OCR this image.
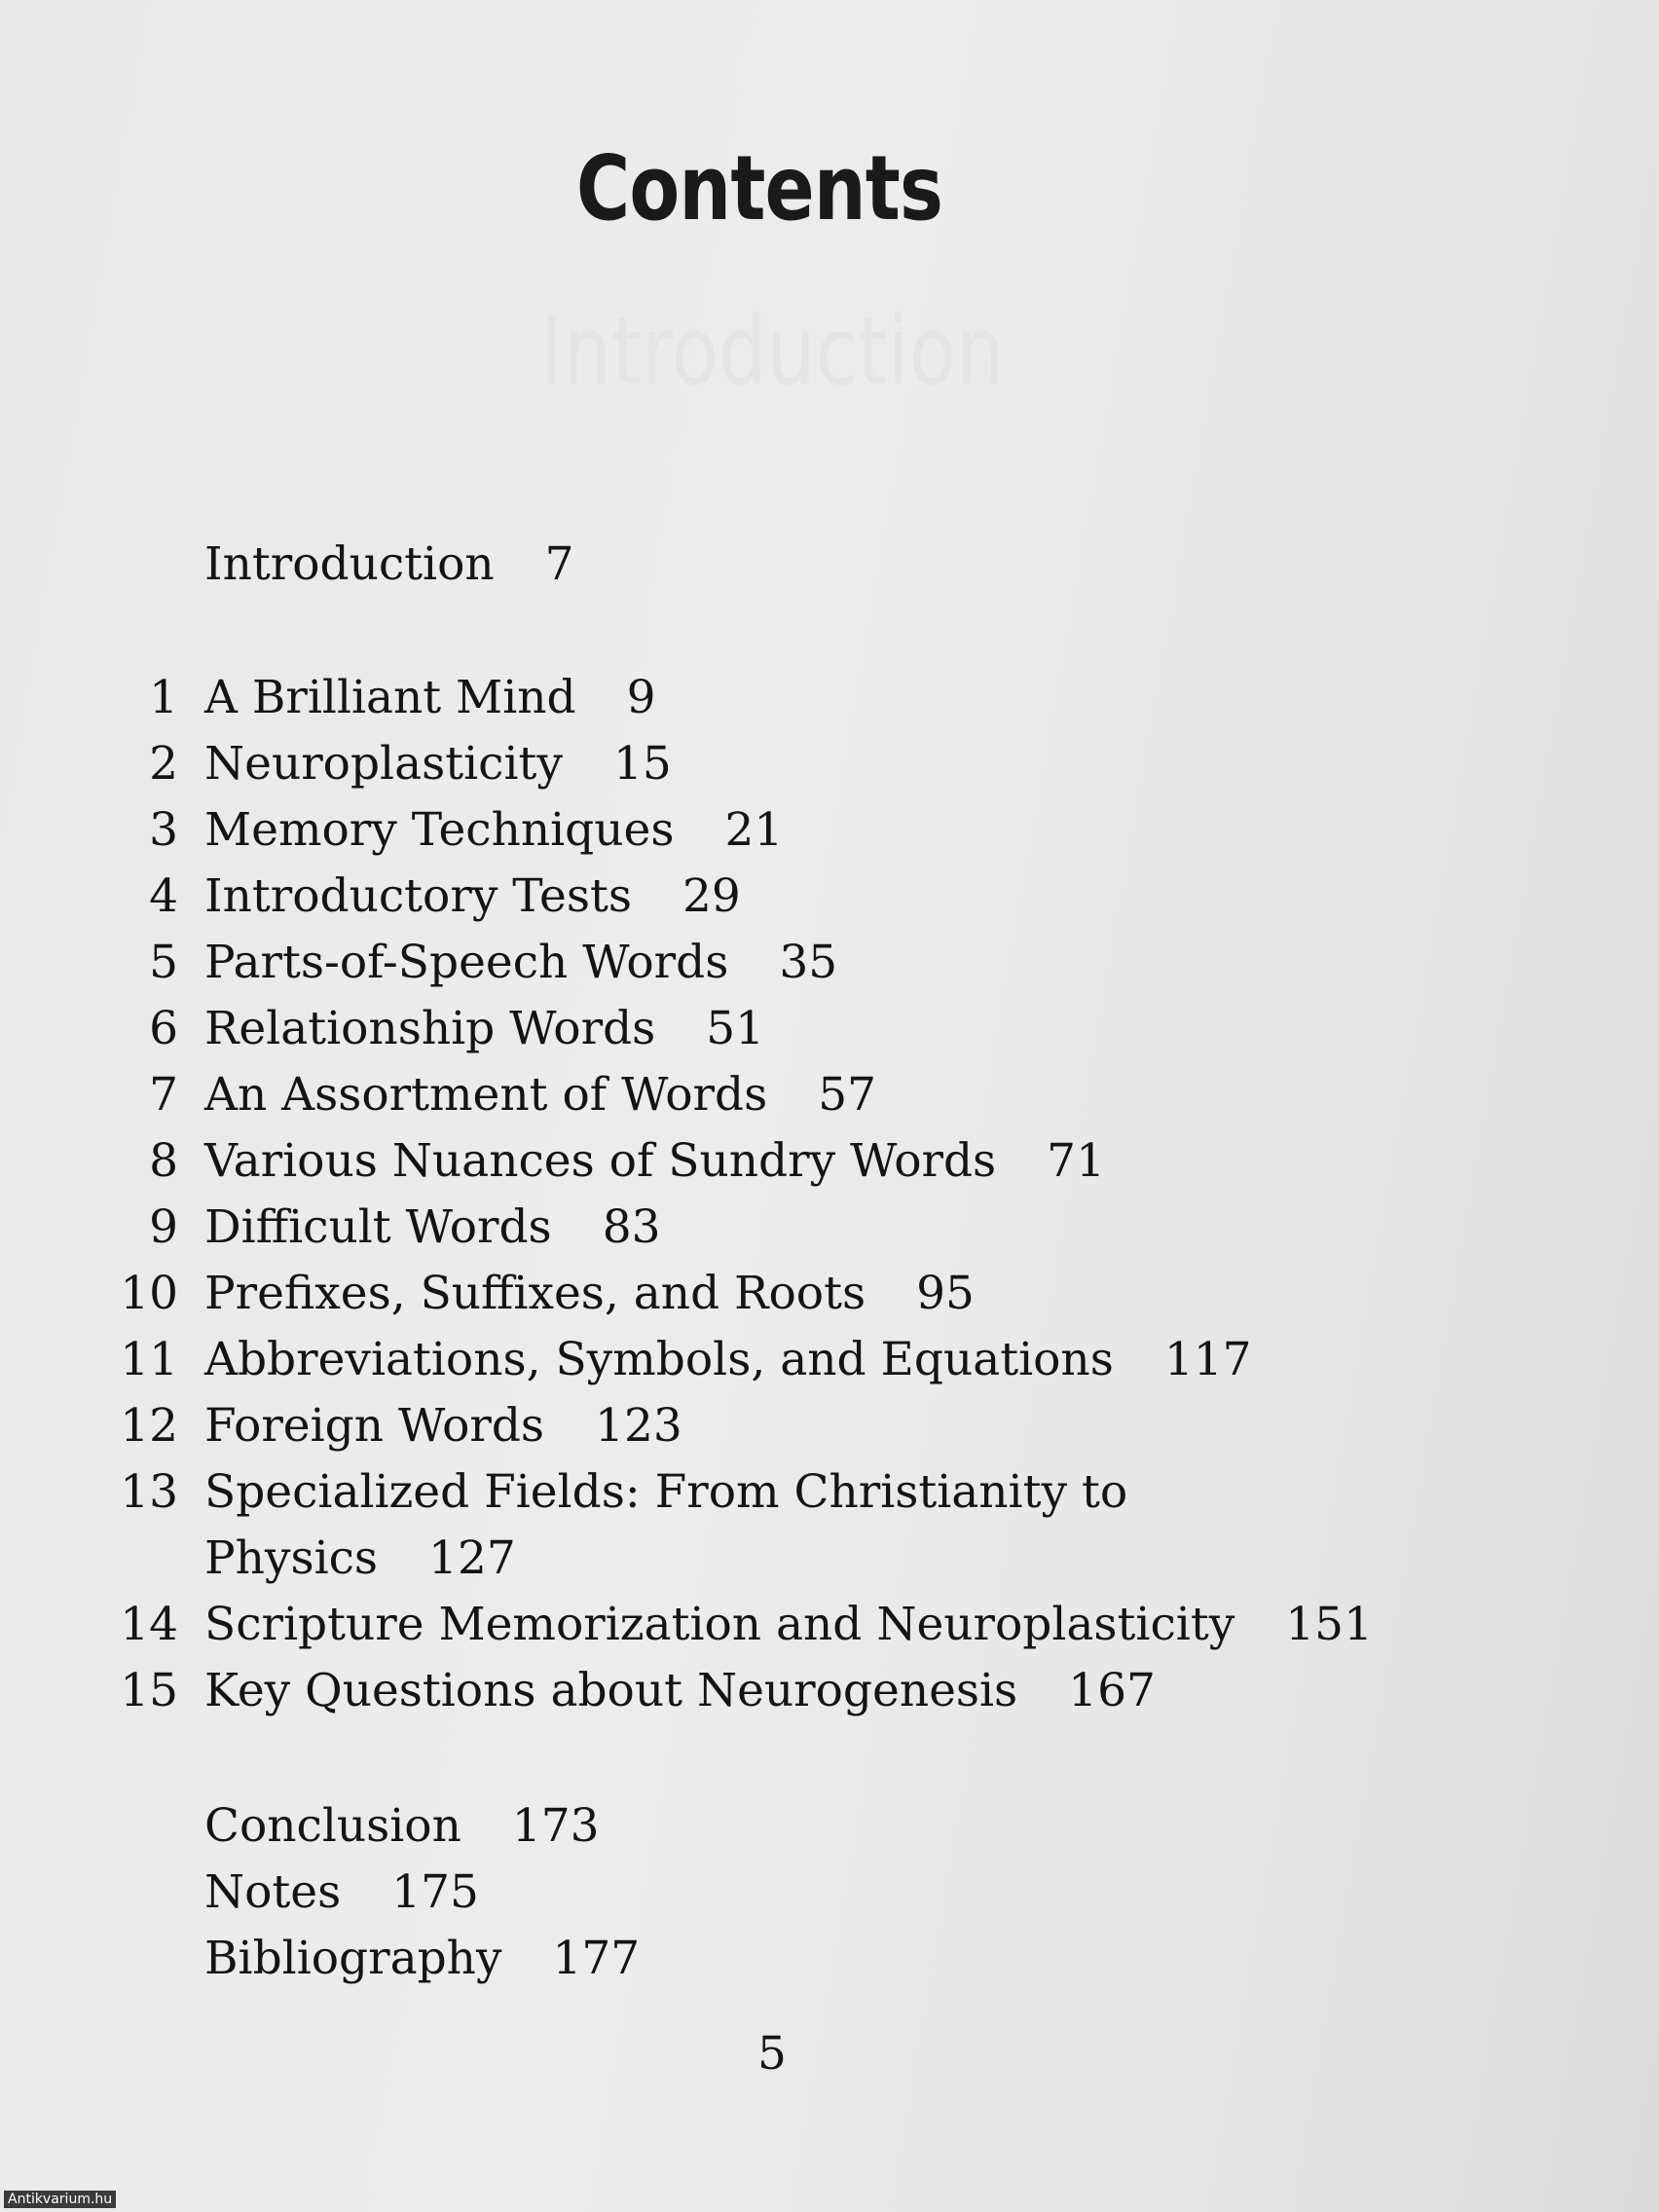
Introduction
Contents
Introduction 7
1 A Brilliant Mind 9
2 Neuroplasticity 15
3 Memory Techniques 21
4 Introductory Tests 29
5 Parts-of-Speech Words 35
6 Relationship Words 51
7 An Assortment of Words 57
8 Various Nuances of Sundry Words 71
9 Difficult Words 83
10 Prefixes, Suffixes, and Roots 95
11 Abbreviations, Symbols, and Equations 117
12 Foreign Words 123
13 Specialized Fields: From Christianity to
Physics 127
14 Scripture Memorization and Neuroplasticity 151
15 Key Questions about Neurogenesis 167
Conclusion 173
Notes 175
Bibliography 177
5
Antikvarium.hu
